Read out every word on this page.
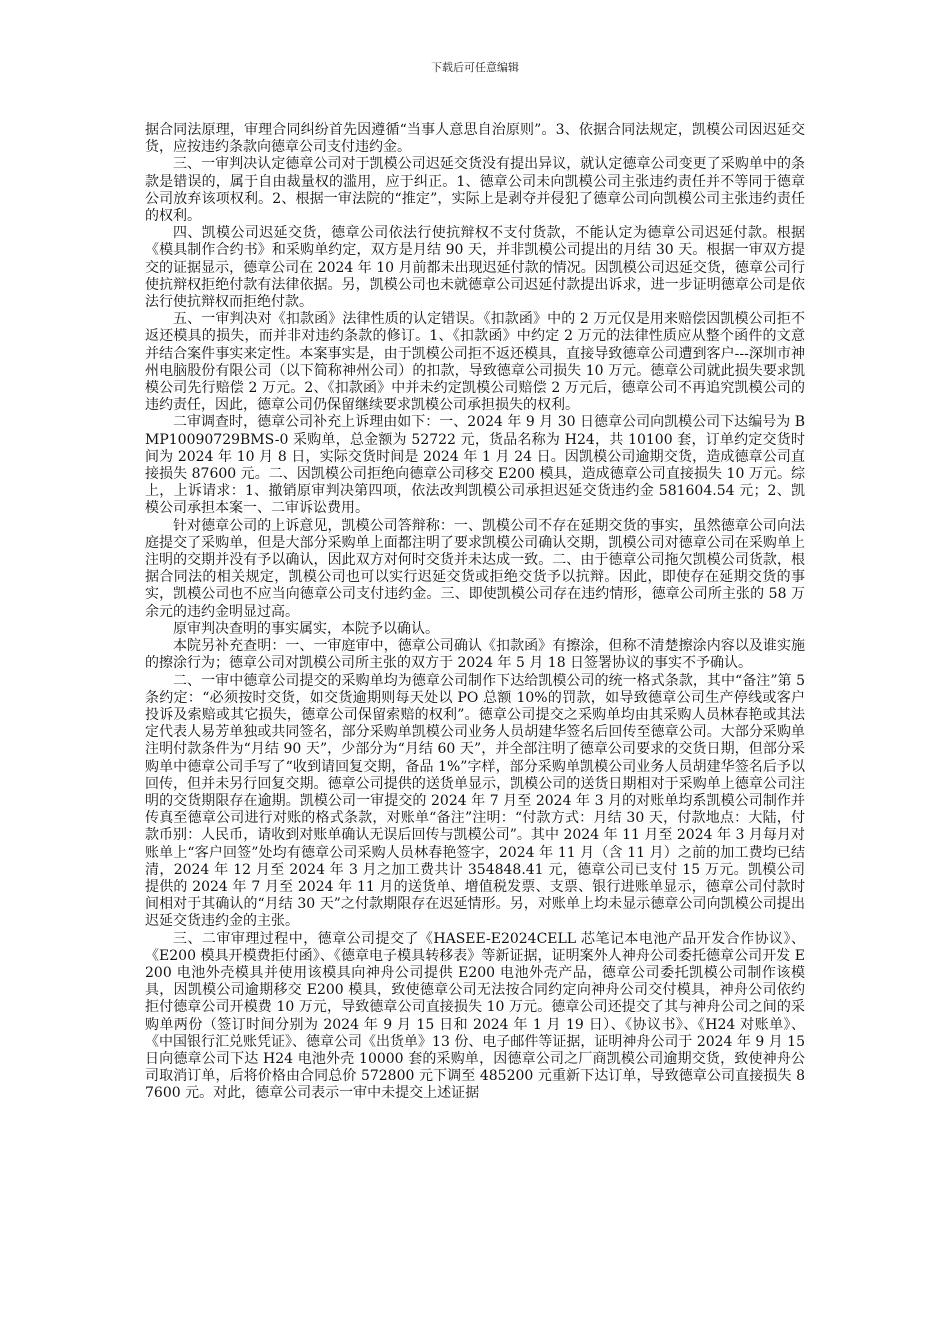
下载后可任意编辑

据合同法原理，审理合同纠纷首先因遵循“当事人意思自治原则”。3、依据合同法规定，凯模公司因迟延交货，应按违约条款向德章公司支付违约金。

三、一审判决认定德章公司对于凯模公司迟延交货没有提出异议，就认定德章公司变更了采购单中的条款是错误的，属于自由裁量权的滥用，应于纠正。1、德章公司未向凯模公司主张违约责任并不等同于德章公司放弃该项权利。2、根据一审法院的“推定”，实际上是剥夺并侵犯了德章公司向凯模公司主张违约责任的权利。

四、凯模公司迟延交货，德章公司依法行使抗辩权不支付货款，不能认定为德章公司迟延付款。根据《模具制作合约书》和采购单约定，双方是月结 90 天，并非凯模公司提出的月结 30 天。根据一审双方提交的证据显示，德章公司在 2024 年 10 月前都未出现迟延付款的情况。因凯模公司迟延交货，德章公司行使抗辩权拒绝付款有法律依据。另，凯模公司也未就德章公司迟延付款提出诉求，进一步证明德章公司是依法行使抗辩权而拒绝付款。

五、一审判决对《扣款函》法律性质的认定错误。《扣款函》中的 2 万元仅是用来赔偿因凯模公司拒不返还模具的损失，而并非对违约条款的修订。1、《扣款函》中约定 2 万元的法律性质应从整个函件的文意并结合案件事实来定性。本案事实是，由于凯模公司拒不返还模具，直接导致德章公司遭到客户---深圳市神州电脑股份有限公司（以下简称神州公司）的扣款，导致德章公司损失 10 万元。德章公司就此损失要求凯模公司先行赔偿 2 万元。2、《扣款函》中并未约定凯模公司赔偿 2 万元后，德章公司不再追究凯模公司的违约责任，因此，德章公司仍保留继续要求凯模公司承担损失的权利。

二审调查时，德章公司补充上诉理由如下：一、2024 年 9 月 30 日德章公司向凯模公司下达编号为 BMP10090729BMS-0 采购单，总金额为 52722 元，货品名称为 H24，共 10100 套，订单约定交货时间为 2024 年 10 月 8 日，实际交货时间是 2024 年 1 月 24 日。因凯模公司逾期交货，造成德章公司直接损失 87600 元。二、因凯模公司拒绝向德章公司移交 E200 模具，造成德章公司直接损失 10 万元。综上，上诉请求：1、撤销原审判决第四项，依法改判凯模公司承担迟延交货违约金 581604.54 元；2、凯模公司承担本案一、二审诉讼费用。

针对德章公司的上诉意见，凯模公司答辩称：一、凯模公司不存在延期交货的事实，虽然德章公司向法庭提交了采购单，但是大部分采购单上面都注明了要求凯模公司确认交期，凯模公司对德章公司在采购单上注明的交期并没有予以确认，因此双方对何时交货并未达成一致。二、由于德章公司拖欠凯模公司货款，根据合同法的相关规定，凯模公司也可以实行迟延交货或拒绝交货予以抗辩。因此，即使存在延期交货的事实，凯模公司也不应当向德章公司支付违约金。三、即使凯模公司存在违约情形，德章公司所主张的 58 万余元的违约金明显过高。

原审判决查明的事实属实，本院予以确认。

本院另补充查明：一、一审庭审中，德章公司确认《扣款函》有擦涂，但称不清楚擦涂内容以及谁实施的擦涂行为；德章公司对凯模公司所主张的双方于 2024 年 5 月 18 日签署协议的事实不予确认。

二、一审中德章公司提交的采购单均为德章公司制作下达给凯模公司的统一格式条款，其中“备注”第 5 条约定：“必须按时交货，如交货逾期则每天处以 PO 总额 10%的罚款，如导致德章公司生产停线或客户投诉及索赔或其它损失，德章公司保留索赔的权利”。德章公司提交之采购单均由其采购人员林春艳或其法定代表人易芳单独或共同签名，部分采购单凯模公司业务人员胡建华签名后回传至德章公司。大部分采购单注明付款条件为“月结 90 天”，少部分为“月结 60 天”，并全部注明了德章公司要求的交货日期，但部分采购单中德章公司手写了“收到请回复交期，备品 1%”字样，部分采购单凯模公司业务人员胡建华签名后予以回传，但并未另行回复交期。德章公司提供的送货单显示，凯模公司的送货日期相对于采购单上德章公司注明的交货期限存在逾期。凯模公司一审提交的 2024 年 7 月至 2024 年 3 月的对账单均系凯模公司制作并传真至德章公司进行对账的格式条款，对账单“备注”注明：“付款方式：月结 30 天，付款地点：大陆，付款币别：人民币，请收到对账单确认无误后回传与凯模公司”。其中 2024 年 11 月至 2024 年 3 月每月对账单上“客户回签”处均有德章公司采购人员林春艳签字，2024 年 11 月（含 11 月）之前的加工费均已结清，2024 年 12 月至 2024 年 3 月之加工费共计 354848.41 元，德章公司已支付 15 万元。凯模公司提供的 2024 年 7 月至 2024 年 11 月的送货单、增值税发票、支票、银行进账单显示，德章公司付款时间相对于其确认的“月结 30 天”之付款期限存在迟延情形。另，对账单上均未显示德章公司向凯模公司提出迟延交货违约金的主张。

三、二审审理过程中，德章公司提交了《HASEE-E2024CELL 芯笔记本电池产品开发合作协议》、《E200 模具开模费拒付函》、《德章电子模具转移表》等新证据，证明案外人神舟公司委托德章公司开发 E200 电池外壳模具并使用该模具向神舟公司提供 E200 电池外壳产品，德章公司委托凯模公司制作该模具，因凯模公司逾期移交 E200 模具，致使德章公司无法按合同约定向神舟公司交付模具，神舟公司依约拒付德章公司开模费 10 万元，导致德章公司直接损失 10 万元。德章公司还提交了其与神舟公司之间的采购单两份（签订时间分别为 2024 年 9 月 15 日和 2024 年 1 月 19 日）、《协议书》、《H24 对账单》、《中国银行汇兑账凭证》、德章公司《出货单》13 份、电子邮件等证据，证明神舟公司于 2024 年 9 月 15 日向德章公司下达 H24 电池外壳 10000 套的采购单，因德章公司之厂商凯模公司逾期交货，致使神舟公司取消订单，后将价格由合同总价 572800 元下调至 485200 元重新下达订单，导致德章公司直接损失 87600 元。对此，德章公司表示一审中未提交上述证据
